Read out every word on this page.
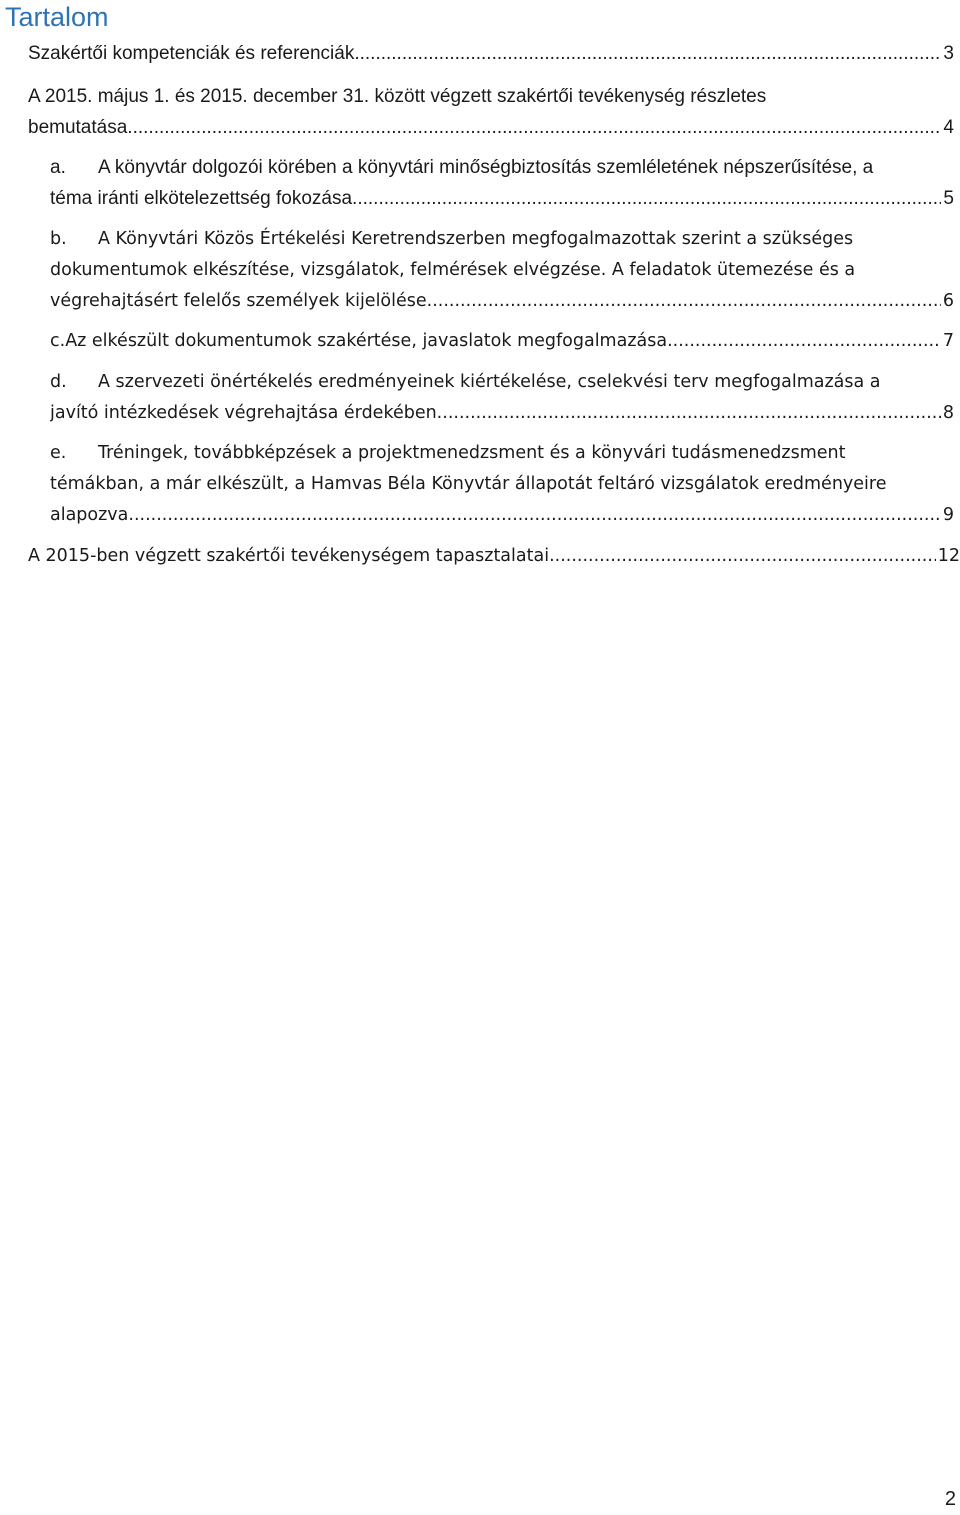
Tartalom
Szakértői kompetenciák és referenciák. .....	3
A 2015. május 1. és 2015. december 31. között végzett szakértői tevékenység részletes
bemutatása. .....	4
a. A könyvtár dolgozói körében a könyvtári minőségbiztosítás szemléletének népszerűsítése, a
téma iránti elkötelezettség fokozása. .....	5
b. A Könyvtári Közös Értékelési Keretrendszerben megfogalmazottak szerint a szükséges
dokumentumok elkészítése, vizsgálatok, felmérések elvégzése. A feladatok ütemezése és a
végrehajtásért felelős személyek kijelölése. .....	6
c. Az elkészült dokumentumok szakértése, javaslatok megfogalmazása. .....	7
d. A szervezeti önértékelés eredményeinek kiértékelése, cselekvési terv megfogalmazása a
javító intézkedések végrehajtása érdekében. .....	8
e. Tréningek, továbbképzések a projektmenedzsment és a könyvári tudásmenedzsment
témákban, a már elkészült, a Hamvas Béla Könyvtár állapotát feltáró vizsgálatok eredményeire
alapozva. .....	9
A 2015-ben végzett szakértői tevékenységem tapasztalatai .....	12
2
